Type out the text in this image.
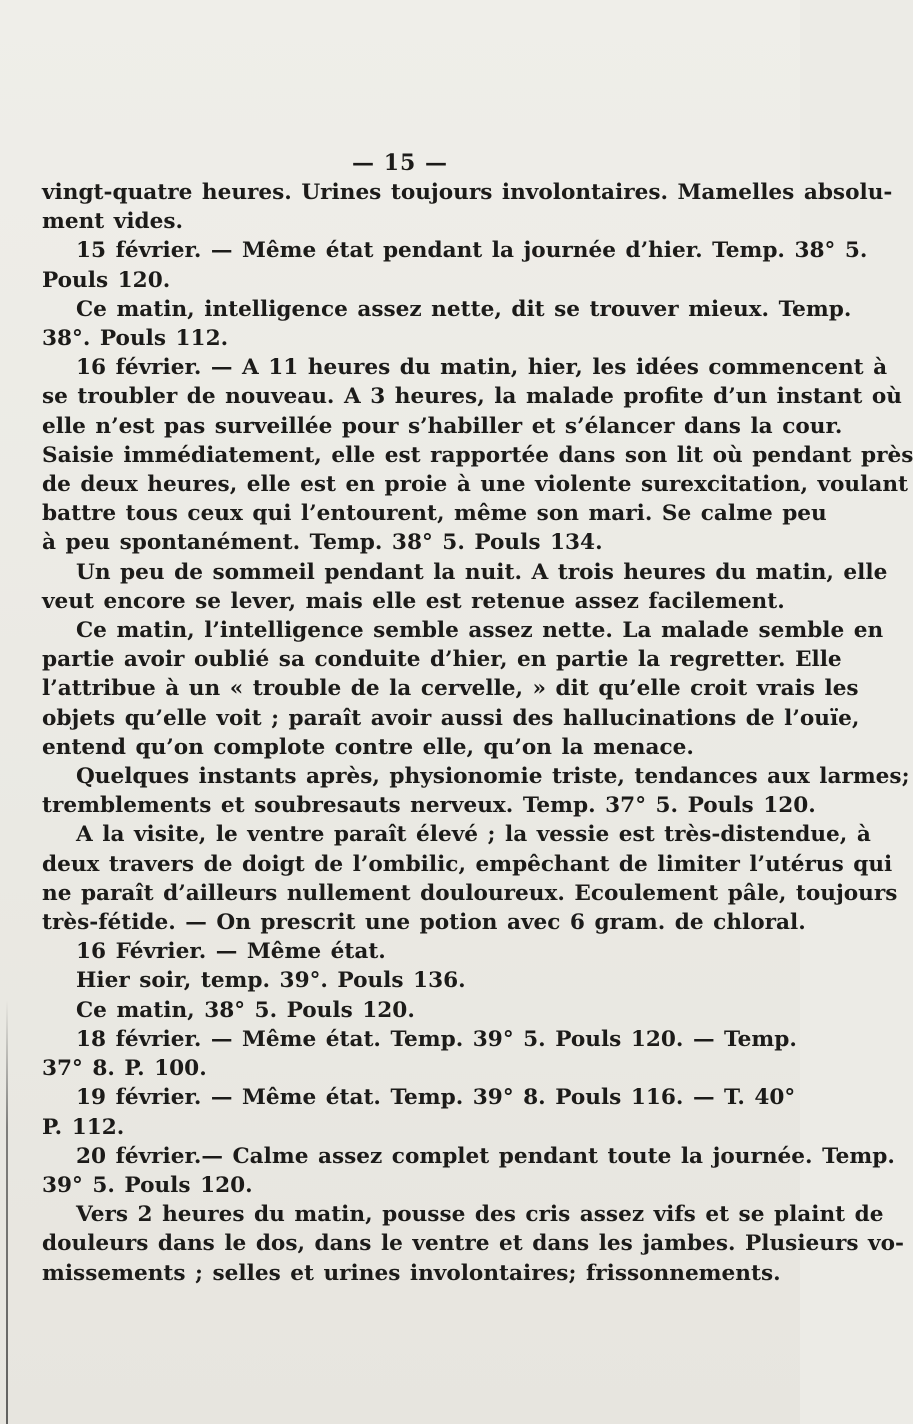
— 15 —
vingt-quatre heures. Urines toujours involontaires. Mamelles absolu-
ment vides.
15 février. — Même état pendant la journée d’hier. Temp. 38° 5.
Pouls 120.
Ce matin, intelligence assez nette, dit se trouver mieux. Temp.
38°. Pouls 112.
16 février. — A 11 heures du matin, hier, les idées commencent à
se troubler de nouveau. A 3 heures, la malade profite d’un instant où
elle n’est pas surveillée pour s’habiller et s’élancer dans la cour.
Saisie immédiatement, elle est rapportée dans son lit où pendant près
de deux heures, elle est en proie à une violente surexcitation, voulant
battre tous ceux qui l’entourent, même son mari. Se calme peu
à peu spontanément. Temp. 38° 5. Pouls 134.
Un peu de sommeil pendant la nuit. A trois heures du matin, elle
veut encore se lever, mais elle est retenue assez facilement.
Ce matin, l’intelligence semble assez nette. La malade semble en
partie avoir oublié sa conduite d’hier, en partie la regretter. Elle
l’attribue à un « trouble de la cervelle, » dit qu’elle croit vrais les
objets qu’elle voit ; paraît avoir aussi des hallucinations de l’ouïe,
entend qu’on complote contre elle, qu’on la menace.
Quelques instants après, physionomie triste, tendances aux larmes;
tremblements et soubresauts nerveux. Temp. 37° 5. Pouls 120.
A la visite, le ventre paraît élevé ; la vessie est très-distendue, à
deux travers de doigt de l’ombilic, empêchant de limiter l’utérus qui
ne paraît d’ailleurs nullement douloureux. Ecoulement pâle, toujours
très-fétide. — On prescrit une potion avec 6 gram. de chloral.
16 Février. — Même état.
Hier soir, temp. 39°. Pouls 136.
Ce matin, 38° 5. Pouls 120.
18 février. — Même état. Temp. 39° 5. Pouls 120. — Temp.
37° 8. P. 100.
19 février. — Même état. Temp. 39° 8. Pouls 116. — T. 40°
P. 112.
20 février.— Calme assez complet pendant toute la journée. Temp.
39° 5. Pouls 120.
Vers 2 heures du matin, pousse des cris assez vifs et se plaint de
douleurs dans le dos, dans le ventre et dans les jambes. Plusieurs vo-
missements ; selles et urines involontaires; frissonnements.
